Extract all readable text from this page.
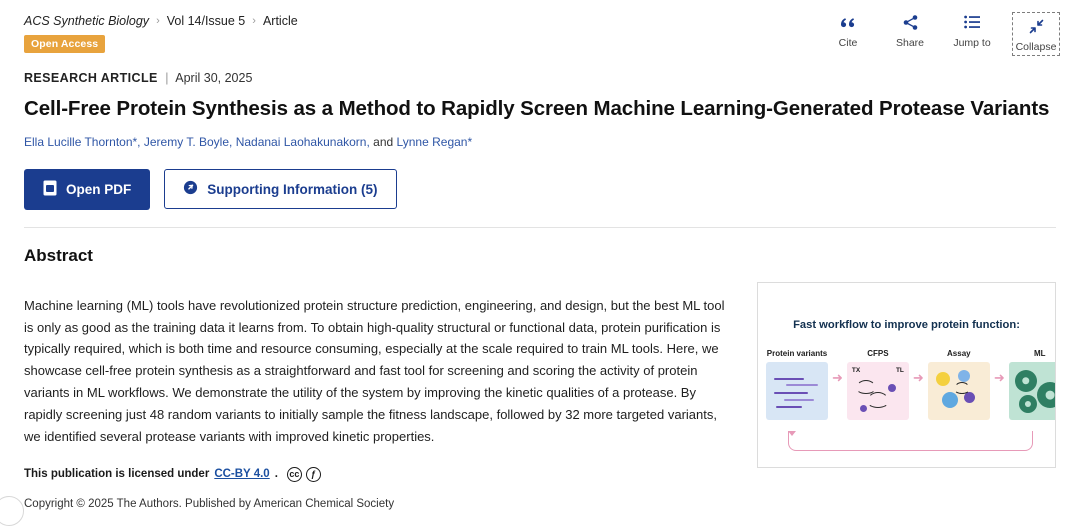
ACS Synthetic Biology › Vol 14/Issue 5 › Article
Open Access
RESEARCH ARTICLE | April 30, 2025
Cell-Free Protein Synthesis as a Method to Rapidly Screen Machine Learning-Generated Protease Variants
Ella Lucille Thornton*, Jeremy T. Boyle, Nadanai Laohakunakorn, and Lynne Regan*
Open PDF	Supporting Information (5)
Cite	Share	Jump to Collapse
Abstract

Machine learning (ML) tools have revolutionized protein structure prediction, engineering, and design, but the best ML tool is only as good as the training data it learns from. To obtain high-quality structural or functional data, protein purification is typically required, which is both time and resource consuming, especially at the scale required to train ML tools. Here, we showcase cell-free protein synthesis as a straightforward and fast tool for screening and scoring the activity of protein variants in ML workflows. We demonstrate the utility of the system by improving the kinetic qualities of a protease. By rapidly screening just 48 random variants to initially sample the fitness landscape, followed by 32 more targeted variants, we identified several protease variants with improved kinetic properties.

This publication is licensed under CC-BY 4.0 . cc	ƒ
Copyright © 2025 The Authors. Published by American Chemical Society
Fast workflow to improve protein function:
Protein variants
➜
CFPS
TX	TL ➜
Assay
➜
ML
